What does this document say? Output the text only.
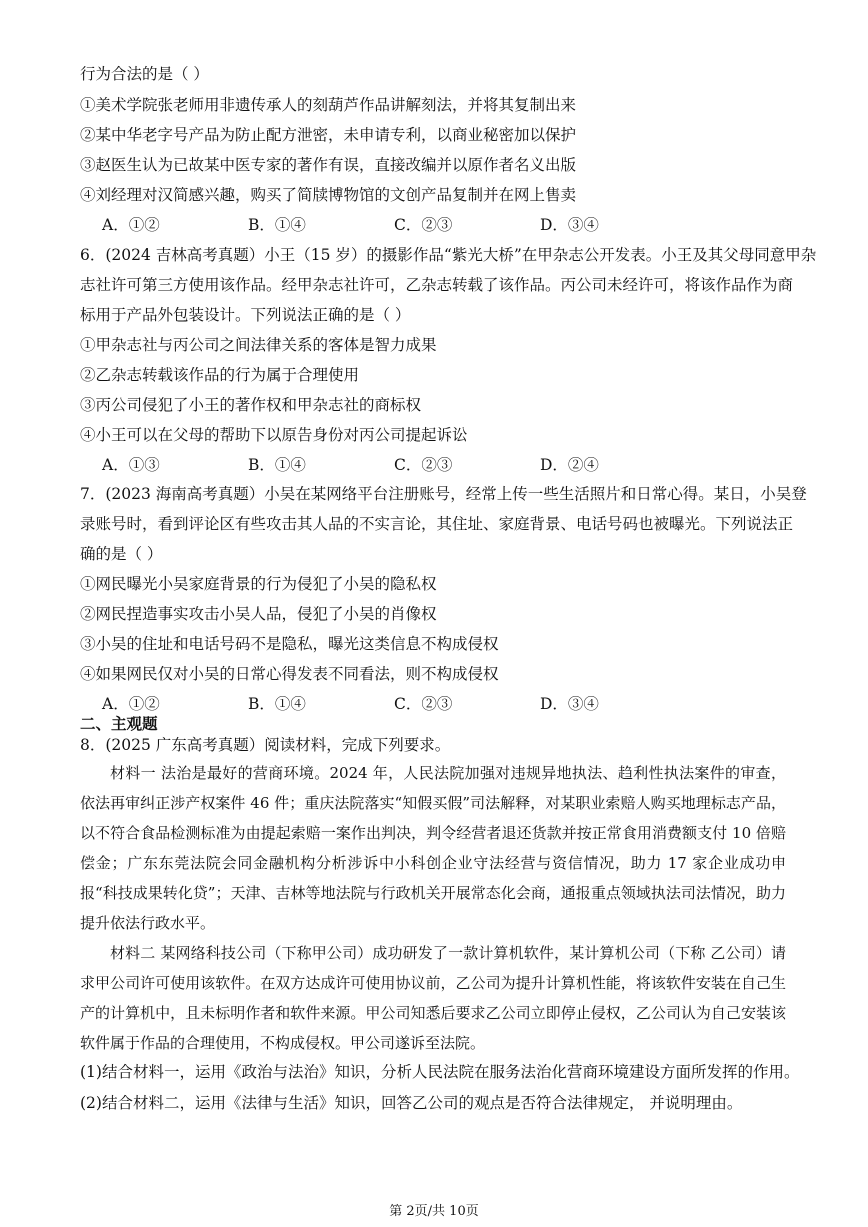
行为合法的是（ ）
①美术学院张老师用非遗传承人的刻葫芦作品讲解刻法，并将其复制出来
②某中华老字号产品为防止配方泄密，未申请专利，以商业秘密加以保护
③赵医生认为已故某中医专家的著作有误，直接改编并以原作者名义出版
④刘经理对汉简感兴趣，购买了简牍博物馆的文创产品复制并在网上售卖
A．①②	B．①④	C．②③	D．③④
6．(2024 吉林高考真题）小王（15 岁）的摄影作品“紫光大桥”在甲杂志公开发表。小王及其父母同意甲杂
志社许可第三方使用该作品。经甲杂志社许可，乙杂志转载了该作品。丙公司未经许可，将该作品作为商
标用于产品外包装设计。下列说法正确的是（ ）
①甲杂志社与丙公司之间法律关系的客体是智力成果
②乙杂志转载该作品的行为属于合理使用
③丙公司侵犯了小王的著作权和甲杂志社的商标权
④小王可以在父母的帮助下以原告身份对丙公司提起诉讼
A．①③	B．①④	C．②③	D．②④
7．(2023 海南高考真题）小吴在某网络平台注册账号，经常上传一些生活照片和日常心得。某日，小吴登
录账号时，看到评论区有些攻击其人品的不实言论，其住址、家庭背景、电话号码也被曝光。下列说法正
确的是（ ）
①网民曝光小吴家庭背景的行为侵犯了小吴的隐私权
②网民捏造事实攻击小吴人品，侵犯了小吴的肖像权
③小吴的住址和电话号码不是隐私，曝光这类信息不构成侵权
④如果网民仅对小吴的日常心得发表不同看法，则不构成侵权
A．①②	B．①④	C．②③	D．③④
二、主观题
8．(2025 广东高考真题）阅读材料，完成下列要求。
材料一 法治是最好的营商环境。2024 年，人民法院加强对违规异地执法、趋利性执法案件的审查，依法再审纠正涉产权案件 46 件；重庆法院落实“知假买假”司法解释，对某职业索赔人购买地理标志产品，以不符合食品检测标准为由提起索赔一案作出判决，判令经营者退还货款并按正常食用消费额支付 10 倍赔偿金；广东东莞法院会同金融机构分析涉诉中小科创企业守法经营与资信情况，助力 17 家企业成功申报“科技成果转化贷”；天津、吉林等地法院与行政机关开展常态化会商，通报重点领域执法司法情况，助力提升依法行政水平。
材料二 某网络科技公司（下称甲公司）成功研发了一款计算机软件，某计算机公司（下称 乙公司）请求甲公司许可使用该软件。在双方达成许可使用协议前，乙公司为提升计算机性能，将该软件安装在自己生产的计算机中，且未标明作者和软件来源。甲公司知悉后要求乙公司立即停止侵权，乙公司认为自己安装该软件属于作品的合理使用，不构成侵权。甲公司遂诉至法院。
(1)结合材料一，运用《政治与法治》知识，分析人民法院在服务法治化营商环境建设方面所发挥的作用。
(2)结合材料二，运用《法律与生活》知识，回答乙公司的观点是否符合法律规定， 并说明理由。
第 2页/共 10页
